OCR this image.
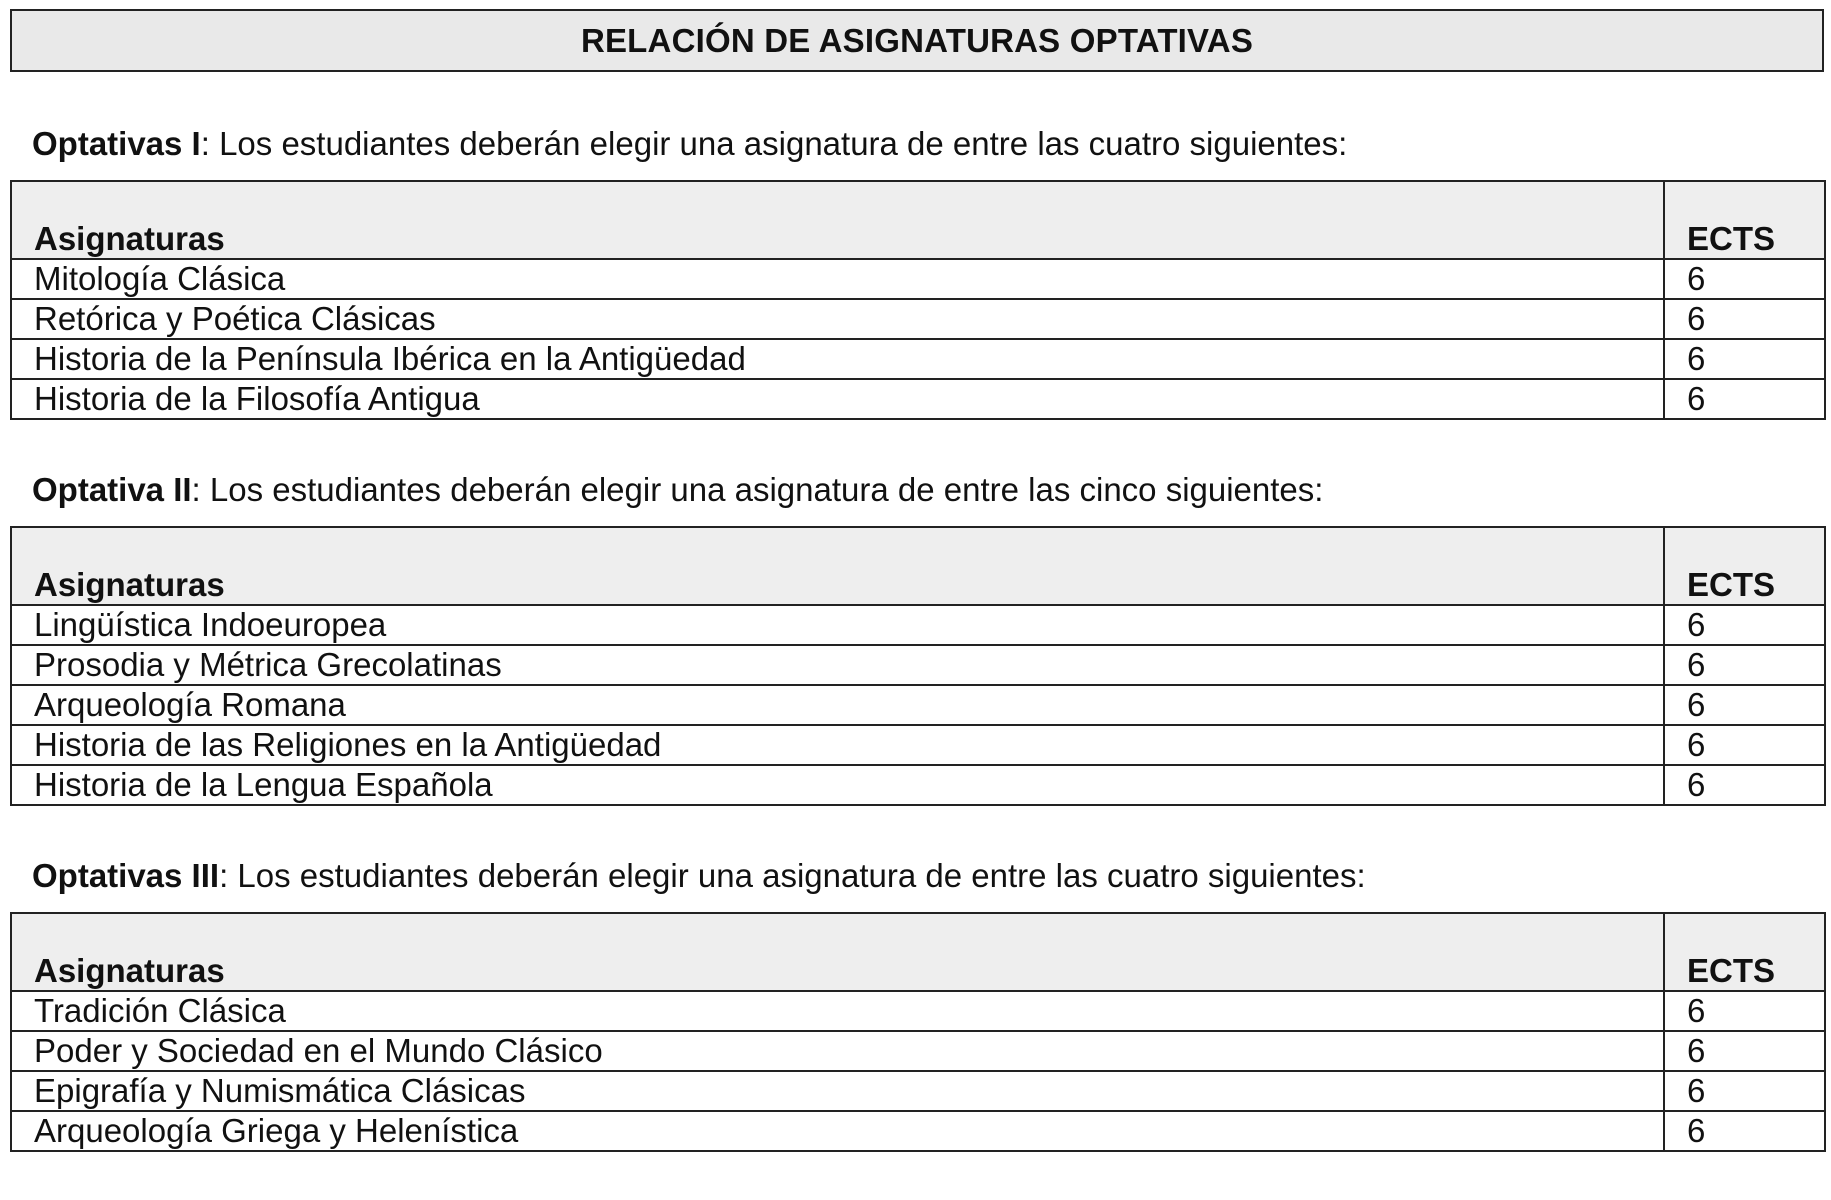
RELACIÓN DE ASIGNATURAS OPTATIVAS
Optativas I: Los estudiantes deberán elegir una asignatura de entre las cuatro siguientes:
Asignaturas	ECTS
Mitología Clásica	6
Retórica y Poética Clásicas	6
Historia de la Península Ibérica en la Antigüedad	6
Historia de la Filosofía Antigua	6
Optativa II: Los estudiantes deberán elegir una asignatura de entre las cinco siguientes:
Asignaturas	ECTS
Lingüística Indoeuropea	6
Prosodia y Métrica Grecolatinas	6
Arqueología Romana	6
Historia de las Religiones en la Antigüedad	6
Historia de la Lengua Española	6
Optativas III: Los estudiantes deberán elegir una asignatura de entre las cuatro siguientes:
Asignaturas	ECTS
Tradición Clásica	6
Poder y Sociedad en el Mundo Clásico	6
Epigrafía y Numismática Clásicas	6
Arqueología Griega y Helenística	6
